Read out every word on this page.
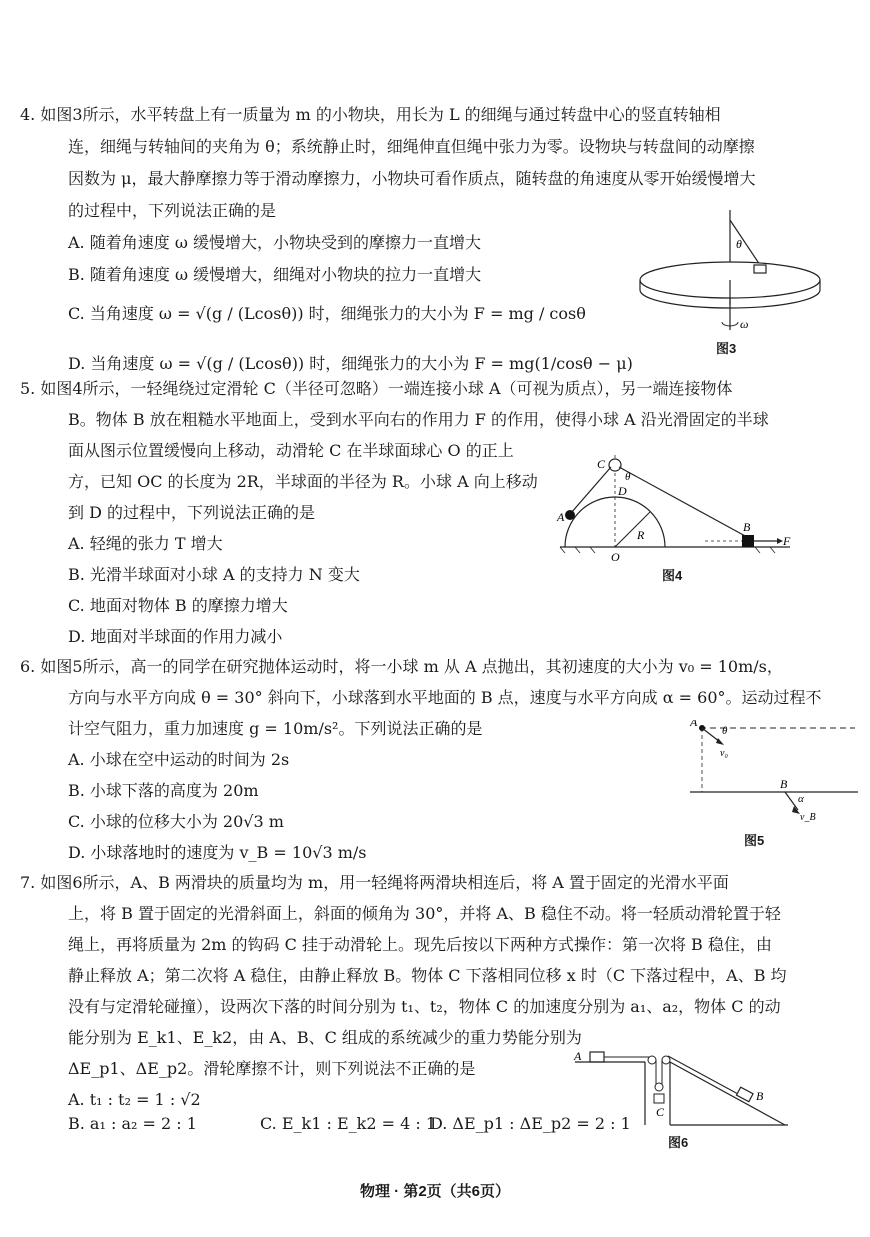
4. 如图3所示，水平转盘上有一质量为 m 的小物块，用长为 L 的细绳与通过转盘中心的竖直转轴相
连，细绳与转轴间的夹角为 θ；系统静止时，细绳伸直但绳中张力为零。设物块与转盘间的动摩擦
因数为 μ，最大静摩擦力等于滑动摩擦力，小物块可看作质点，随转盘的角速度从零开始缓慢增大
的过程中，下列说法正确的是
A. 随着角速度 ω 缓慢增大，小物块受到的摩擦力一直增大
B. 随着角速度 ω 缓慢增大，细绳对小物块的拉力一直增大
C. 当角速度 ω = √(g / (Lcosθ)) 时，细绳张力的大小为 F = mg / cosθ
D. 当角速度 ω = √(g / (Lcosθ)) 时，细绳张力的大小为 F = mg(1/cosθ − μ)
θ
ω
图3
5. 如图4所示，一轻绳绕过定滑轮 C（半径可忽略）一端连接小球 A（可视为质点），另一端连接物体
B。物体 B 放在粗糙水平地面上，受到水平向右的作用力 F 的作用，使得小球 A 沿光滑固定的半球
面从图示位置缓慢向上移动，动滑轮 C 在半球面球心 O 的正上
方，已知 OC 的长度为 2R，半球面的半径为 R。小球 A 向上移动
到 D 的过程中，下列说法正确的是
A. 轻绳的张力 T 增大
B. 光滑半球面对小球 A 的支持力 N 变大
C. 地面对物体 B 的摩擦力增大
D. 地面对半球面的作用力减小
C
θ
D
A
R
O
B
F
图4
6. 如图5所示，高一的同学在研究抛体运动时，将一小球 m 从 A 点抛出，其初速度的大小为 v₀ = 10m/s，
方向与水平方向成 θ = 30° 斜向下，小球落到水平地面的 B 点，速度与水平方向成 α = 60°。运动过程不
计空气阻力，重力加速度 g = 10m/s²。下列说法正确的是
A. 小球在空中运动的时间为 2s
B. 小球下落的高度为 20m
C. 小球的位移大小为 20√3 m
D. 小球落地时的速度为 v_B = 10√3 m/s
A
θ
v₀
B
α
v_B
图5
7. 如图6所示，A、B 两滑块的质量均为 m，用一轻绳将两滑块相连后，将 A 置于固定的光滑水平面
上，将 B 置于固定的光滑斜面上，斜面的倾角为 30°，并将 A、B 稳住不动。将一轻质动滑轮置于轻
绳上，再将质量为 2m 的钩码 C 挂于动滑轮上。现先后按以下两种方式操作：第一次将 B 稳住，由
静止释放 A；第二次将 A 稳住，由静止释放 B。物体 C 下落相同位移 x 时（C 下落过程中，A、B 均
没有与定滑轮碰撞），设两次下落的时间分别为 t₁、t₂，物体 C 的加速度分别为 a₁、a₂，物体 C 的动
能分别为 E_k1、E_k2，由 A、B、C 组成的系统减少的重力势能分别为
ΔE_p1、ΔE_p2。滑轮摩擦不计，则下列说法不正确的是
A. t₁ : t₂ = 1 : √2
B. a₁ : a₂ = 2 : 1
A
C
B
C. E_k1 : E_k2 = 4 : 1
D. ΔE_p1 : ΔE_p2 = 2 : 1
图6
物理 · 第2页（共6页）
